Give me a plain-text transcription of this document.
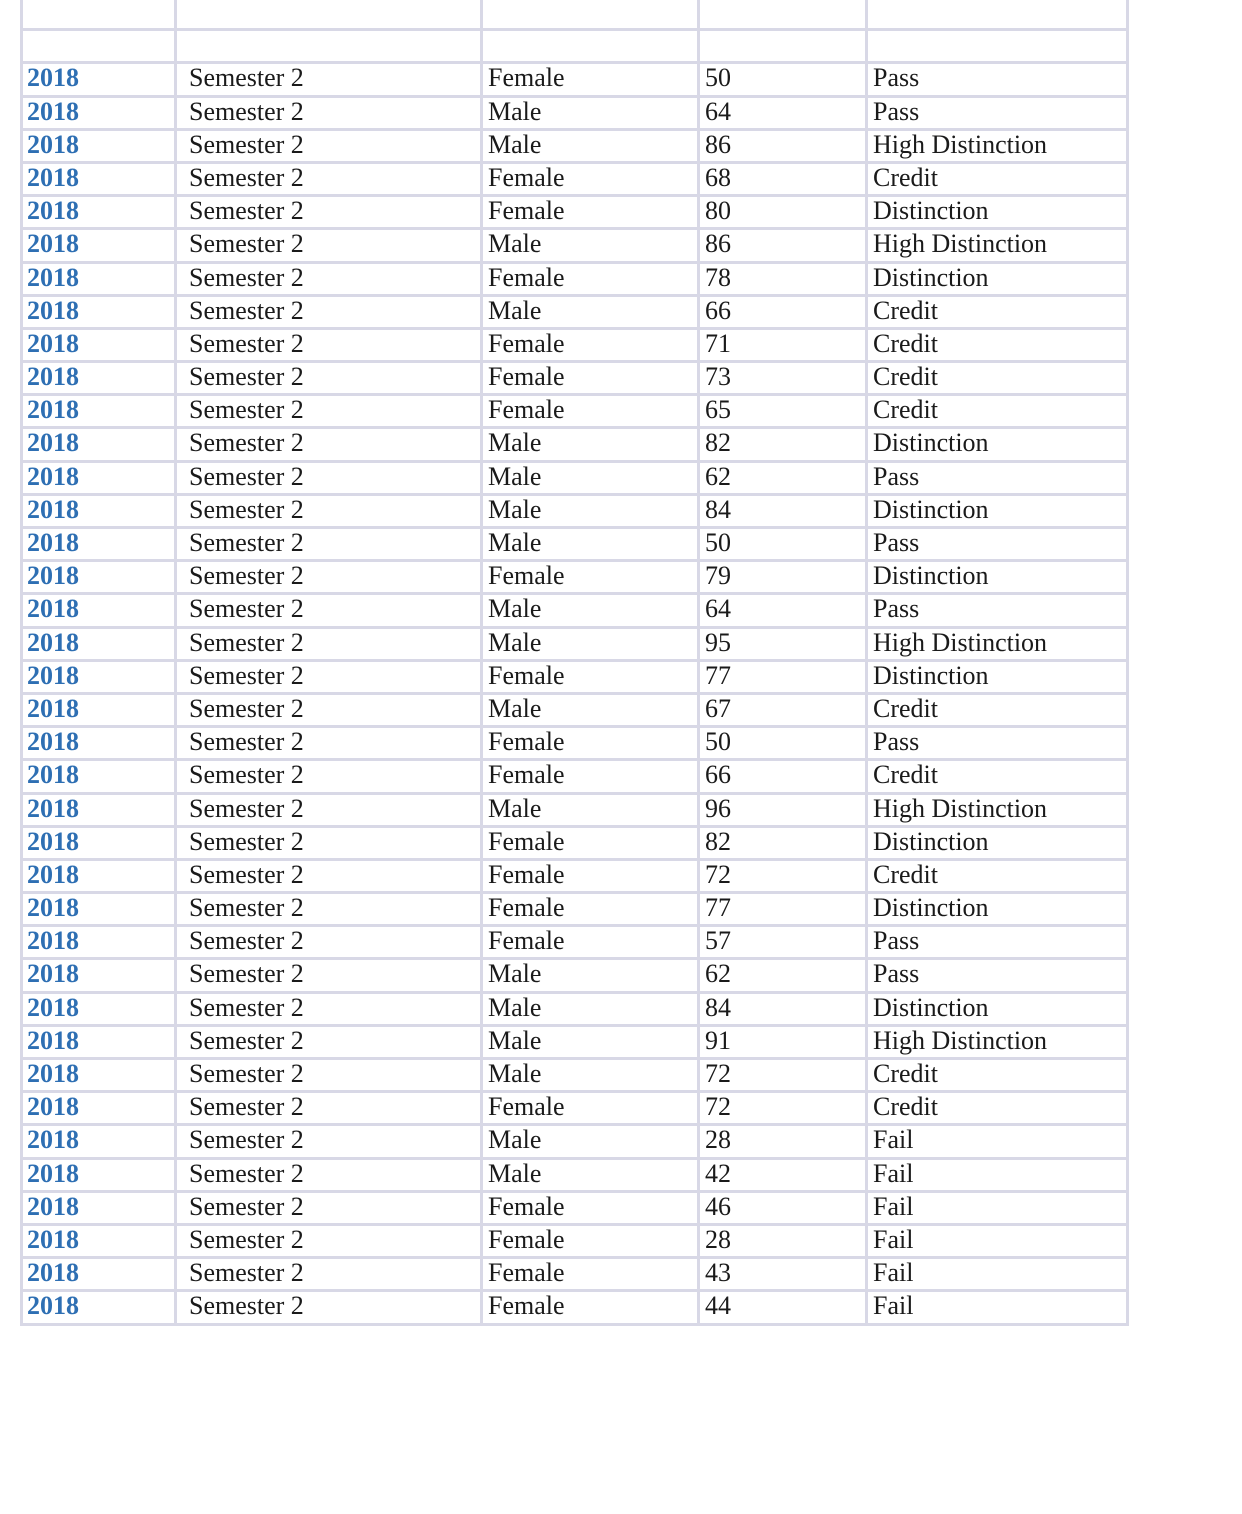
2018	Semester 2	Female	50	Pass
2018	Semester 2	Male	64	Pass
2018	Semester 2	Male	86	High Distinction
2018	Semester 2	Female	68	Credit
2018	Semester 2	Female	80	Distinction
2018	Semester 2	Male	86	High Distinction
2018	Semester 2	Female	78	Distinction
2018	Semester 2	Male	66	Credit
2018	Semester 2	Female	71	Credit
2018	Semester 2	Female	73	Credit
2018	Semester 2	Female	65	Credit
2018	Semester 2	Male	82	Distinction
2018	Semester 2	Male	62	Pass
2018	Semester 2	Male	84	Distinction
2018	Semester 2	Male	50	Pass
2018	Semester 2	Female	79	Distinction
2018	Semester 2	Male	64	Pass
2018	Semester 2	Male	95	High Distinction
2018	Semester 2	Female	77	Distinction
2018	Semester 2	Male	67	Credit
2018	Semester 2	Female	50	Pass
2018	Semester 2	Female	66	Credit
2018	Semester 2	Male	96	High Distinction
2018	Semester 2	Female	82	Distinction
2018	Semester 2	Female	72	Credit
2018	Semester 2	Female	77	Distinction
2018	Semester 2	Female	57	Pass
2018	Semester 2	Male	62	Pass
2018	Semester 2	Male	84	Distinction
2018	Semester 2	Male	91	High Distinction
2018	Semester 2	Male	72	Credit
2018	Semester 2	Female	72	Credit
2018	Semester 2	Male	28	Fail
2018	Semester 2	Male	42	Fail
2018	Semester 2	Female	46	Fail
2018	Semester 2	Female	28	Fail
2018	Semester 2	Female	43	Fail
2018	Semester 2	Female	44	Fail
